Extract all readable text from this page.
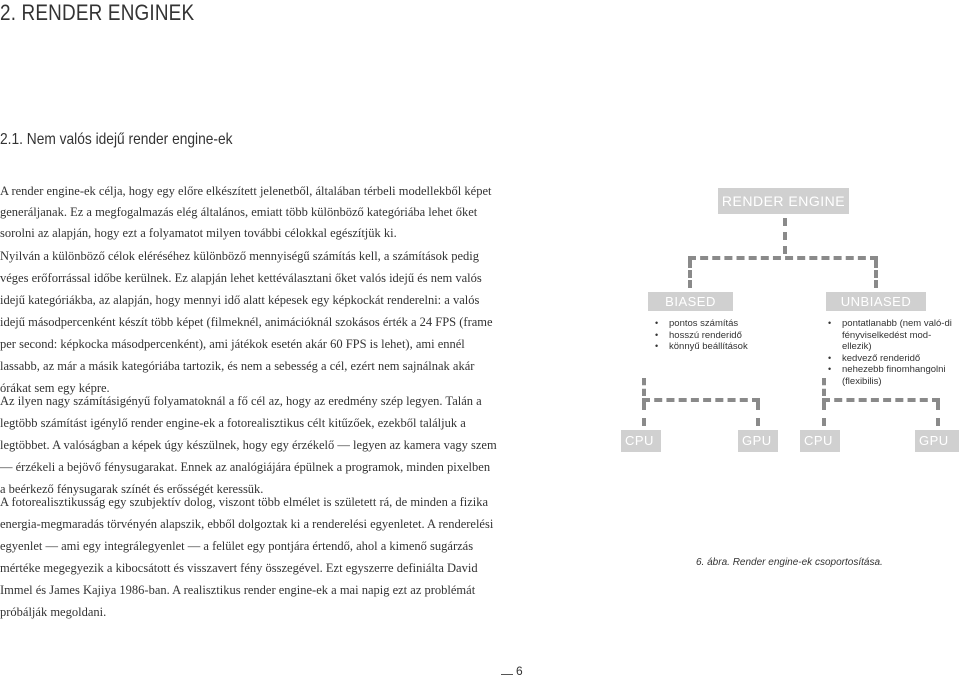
2. RENDER ENGINEK
2.1. Nem valós idejű render engine-ek
A render engine-ek célja, hogy egy előre elkészített jelenetből, általában térbeli modellekből képet generáljanak. Ez a megfogalmazás elég általános, emiatt több különböző kategóriába lehet őket sorolni az alapján, hogy ezt a folyamatot milyen további célokkal egészítjük ki.
Nyilván a különböző célok eléréséhez különböző mennyiségű számítás kell, a számítások pedig véges erőforrással időbe kerülnek. Ez alapján lehet kettéválasztani őket valós idejű és nem valós idejű kategóriákba, az alapján, hogy mennyi idő alatt képesek egy képkockát renderelni: a valós idejű másodpercenként készít több képet (filmeknél, animációknál szokásos érték a 24 FPS (frame per second: képkocka másodpercenként), ami játékok esetén akár 60 FPS is lehet), ami ennél lassabb, az már a másik kategóriába tartozik, és nem a sebesség a cél, ezért nem sajnálnak akár órákat sem egy képre.
Az ilyen nagy számításigényű folyamatoknál a fő cél az, hogy az eredmény szép legyen. Talán a legtöbb számítást igénylő render engine-ek a fotorealisztikus célt kitűzőek, ezekből találjuk a legtöbbet. A valóságban a képek úgy készülnek, hogy egy érzékelő — legyen az kamera vagy szem — érzékeli a bejövő fénysugarakat. Ennek az analógiájára épülnek a programok, minden pixelben a beérkező fénysugarak színét és erősségét keressük.
A fotorealisztikusság egy szubjektív dolog, viszont több elmélet is született rá, de minden a fizika energia-megmaradás törvényén alapszik, ebből dolgoztak ki a renderelési egyenletet. A renderelési egyenlet — ami egy integrálegyenlet — a felület egy pontjára értendő, ahol a kimenő sugárzás mértéke megegyezik a kibocsátott és visszavert fény összegével. Ezt egyszerre definiálta David Immel és James Kajiya 1986-ban. A realisztikus render engine-ek a mai napig ezt az problémát próbálják megoldani.
RENDER ENGINE
BIASED	UNBIASED
• pontos számítás
• hosszú renderidő
• könnyű beállítások
• pontatlanabb (nem való-di fényviselkedést mod-ellezik)
• kedvező renderidő
• nehezebb finomhangolni (flexibilis)
CPU	GPU	CPU	GPU
6. ábra. Render engine-ek csoportosítása.
6
